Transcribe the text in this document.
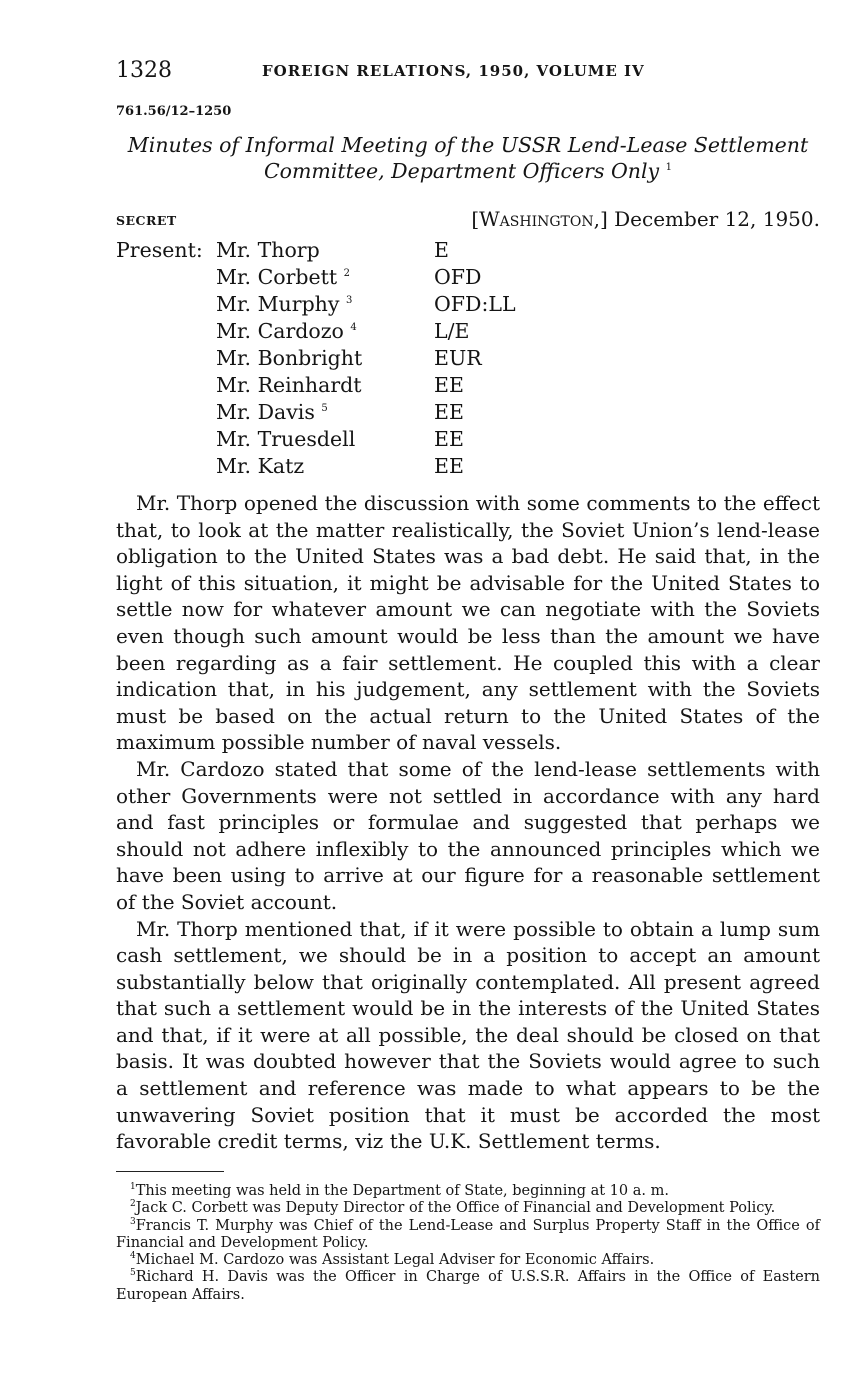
1328	FOREIGN RELATIONS, 1950, VOLUME IV
761.56/12–1250
Minutes of Informal Meeting of the USSR Lend-Lease Settlement
Committee, Department Officers Only $^1$
SECRET	[Washington,] December 12, 1950.
Present: Mr. Thorp	E
Mr. Corbett $^2$	OFD
Mr. Murphy $^3$	OFD:LL
Mr. Cardozo $^4$	L/E
Mr. Bonbright	EUR
Mr. Reinhardt	EE
Mr. Davis $^5$	EE
Mr. Truesdell	EE
Mr. Katz	EE

Mr. Thorp opened the discussion with some comments to the effect that, to look at the matter realistically, the Soviet Union’s lend-lease obligation to the United States was a bad debt. He said that, in the light of this situation, it might be advisable for the United States to settle now for whatever amount we can negotiate with the Soviets even though such amount would be less than the amount we have been regarding as a fair settlement. He coupled this with a clear indication that, in his judgement, any settlement with the Soviets must be based on the actual return to the United States of the maximum possible number of naval vessels.

Mr. Cardozo stated that some of the lend-lease settlements with other Governments were not settled in accordance with any hard and fast principles or formulae and suggested that perhaps we should not adhere inflexibly to the announced principles which we have been using to arrive at our figure for a reasonable settlement of the Soviet account.

Mr. Thorp mentioned that, if it were possible to obtain a lump sum cash settlement, we should be in a position to accept an amount substantially below that originally contemplated. All present agreed that such a settlement would be in the interests of the United States and that, if it were at all possible, the deal should be closed on that basis. It was doubted however that the Soviets would agree to such a settlement and reference was made to what appears to be the unwavering Soviet position that it must be accorded the most favorable credit terms, viz the U.K. Settlement terms.

$^1$This meeting was held in the Department of State, beginning at 10 a. m.

$^2$Jack C. Corbett was Deputy Director of the Office of Financial and Development Policy.

$^3$Francis T. Murphy was Chief of the Lend-Lease and Surplus Property Staff in the Office of Financial and Development Policy.

$^4$Michael M. Cardozo was Assistant Legal Adviser for Economic Affairs.

$^5$Richard H. Davis was the Officer in Charge of U.S.S.R. Affairs in the Office of Eastern European Affairs.
